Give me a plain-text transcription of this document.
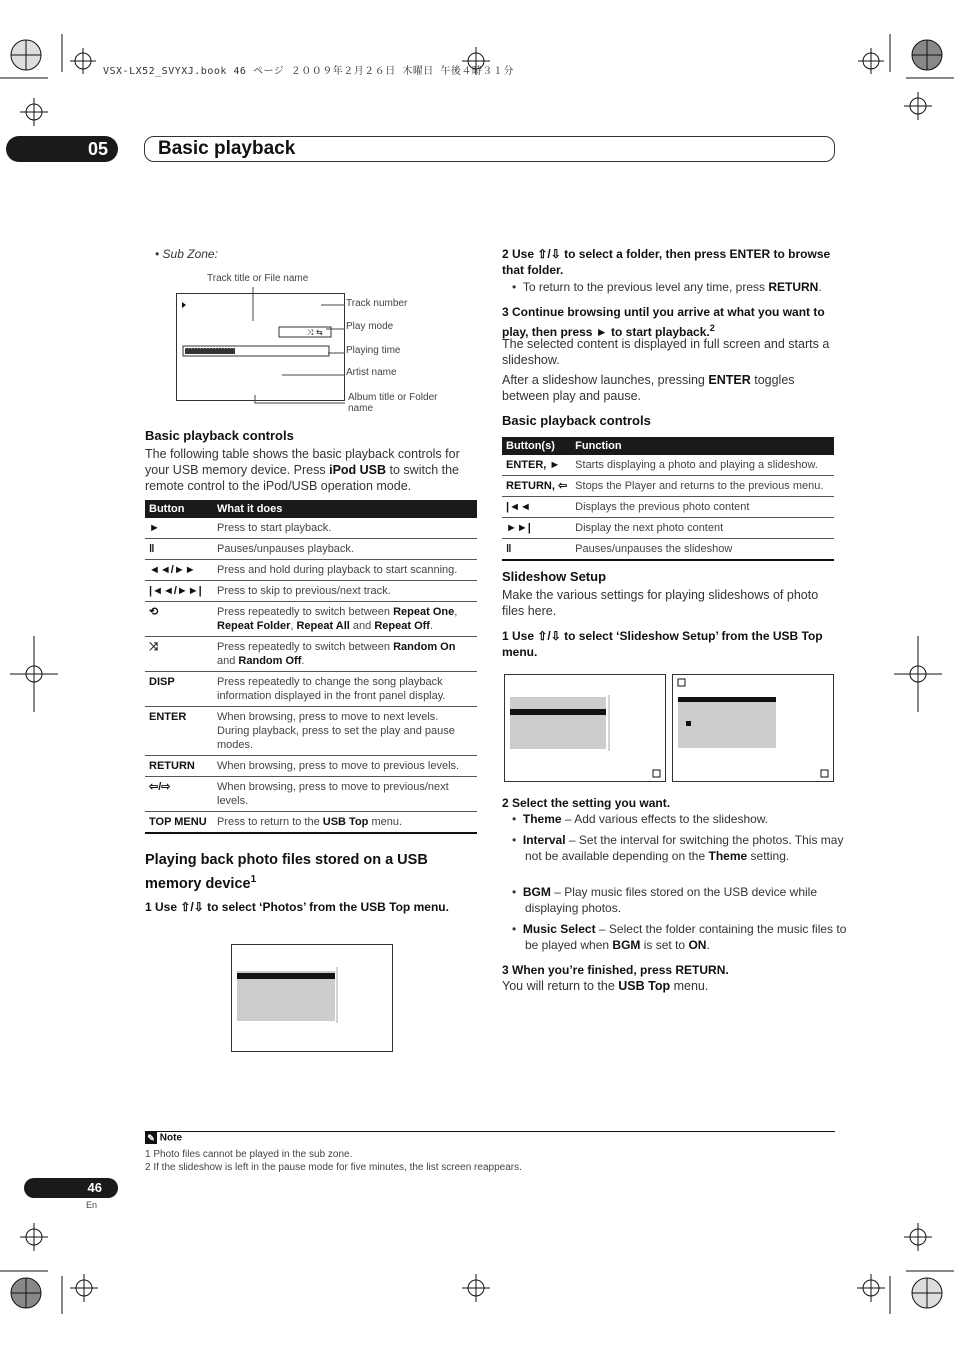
VSX-LX52_SVYXJ.book 46 ページ ２００９年２月２６日 木曜日 午後４時３１分
05	Basic playback
• Sub Zone:
Track title or File name
⤨ ⇆
Track number
Play mode
Playing time
Artist name
Album title or Folder name
Basic playback controls
The following table shows the basic playback controls for your USB memory device. Press iPod USB to switch the remote control to the iPod/USB operation mode.
Button	What it does
►	Press to start playback.
ǁ	Pauses/unpauses playback.
◄◄/►►	Press and hold during playback to start scanning.
|◄◄/►►|	Press to skip to previous/next track.
⟲	Press repeatedly to switch between Repeat One, Repeat Folder, Repeat All and Repeat Off.
⤨	Press repeatedly to switch between Random On and Random Off.
DISP	Press repeatedly to change the song playback information displayed in the front panel display.
ENTER	When browsing, press to move to next levels. During playback, press to set the play and pause modes.
RETURN	When browsing, press to move to previous levels.
⇦/⇨	When browsing, press to move to previous/next levels.
TOP MENU	Press to return to the USB Top menu.
Playing back photo files stored on a USB memory device$^1$
1 Use ⇧/⇩ to select ‘Photos’ from the USB Top menu.
2 Use ⇧/⇩ to select a folder, then press ENTER to browse that folder.
•  To return to the previous level any time, press RETURN.
3 Continue browsing until you arrive at what you want to play, then press ► to start playback.$^2$
The selected content is displayed in full screen and starts a slideshow.
After a slideshow launches, pressing ENTER toggles between play and pause.
Basic playback controls
Button(s)	Function
ENTER, ►	Starts displaying a photo and playing a slideshow.
RETURN, ⇦	Stops the Player and returns to the previous menu.
|◄◄	Displays the previous photo content
►►|	Display the next photo content
ǁ	Pauses/unpauses the slideshow
Slideshow Setup
Make the various settings for playing slideshows of photo files here.
1 Use ⇧/⇩ to select ‘Slideshow Setup’ from the USB Top menu.
2 Select the setting you want.
•  Theme – Add various effects to the slideshow.
•  Interval – Set the interval for switching the photos. This may not be available depending on the Theme setting.
•  BGM – Play music files stored on the USB device while displaying photos.
•  Music Select – Select the folder containing the music files to be played when BGM is set to ON.
3 When you’re finished, press RETURN.
You will return to the USB Top menu.
✎ Note
1 Photo files cannot be played in the sub zone.
2 If the slideshow is left in the pause mode for five minutes, the list screen reappears.
46
En
